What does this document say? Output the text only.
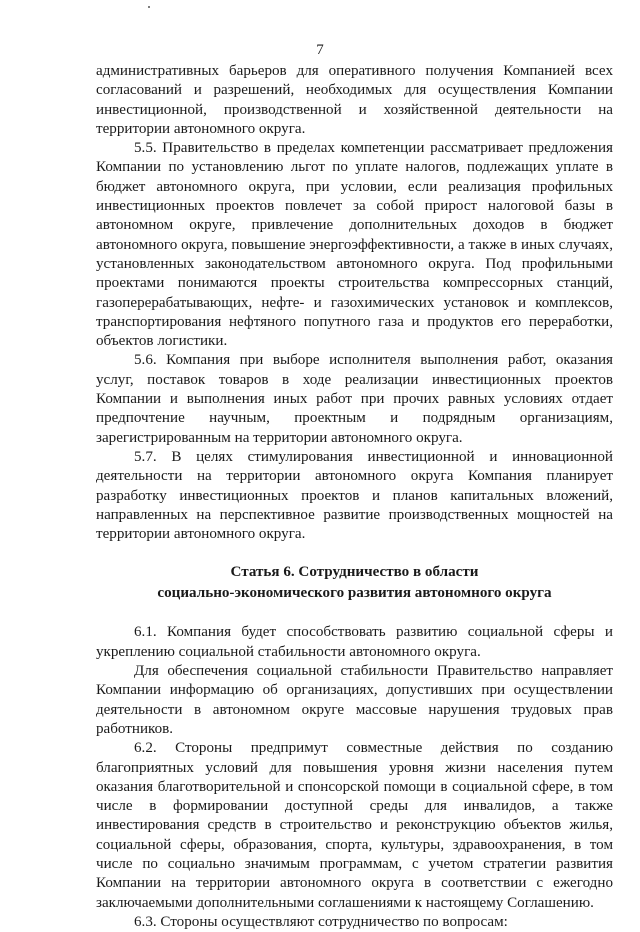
7

административных барьеров для оперативного получения Компанией всех согласований и разрешений, необходимых для осуществления Компании инвестиционной, производственной и хозяйственной деятельности на территории автономного округа.

5.5. Правительство в пределах компетенции рассматривает предложения Компании по установлению льгот по уплате налогов, подлежащих уплате в бюджет автономного округа, при условии, если реализация профильных инвестиционных проектов повлечет за собой прирост налоговой базы в автономном округе, привлечение дополнительных доходов в бюджет автономного округа, повышение энергоэффективности, а также в иных случаях, установленных законодательством автономного округа. Под профильными проектами понимаются проекты строительства компрессорных станций, газоперерабатывающих, нефте- и газохимических установок и комплексов, транспортирования нефтяного попутного газа и продуктов его переработки, объектов логистики.

5.6. Компания при выборе исполнителя выполнения работ, оказания услуг, поставок товаров в ходе реализации инвестиционных проектов Компании и выполнения иных работ при прочих равных условиях отдает предпочтение научным, проектным и подрядным организациям, зарегистрированным на территории автономного округа.

5.7. В целях стимулирования инвестиционной и инновационной деятельности на территории автономного округа Компания планирует разработку инвестиционных проектов и планов капитальных вложений, направленных на перспективное развитие производственных мощностей на территории автономного округа.

Статья 6. Сотрудничество в области
социально-экономического развития автономного округа

6.1. Компания будет способствовать развитию социальной сферы и укреплению социальной стабильности автономного округа.

Для обеспечения социальной стабильности Правительство направляет Компании информацию об организациях, допустивших при осуществлении деятельности в автономном округе массовые нарушения трудовых прав работников.

6.2. Стороны предпримут совместные действия по созданию благоприятных условий для повышения уровня жизни населения путем оказания благотворительной и спонсорской помощи в социальной сфере, в том числе в формировании доступной среды для инвалидов, а также инвестирования средств в строительство и реконструкцию объектов жилья, социальной сферы, образования, спорта, культуры, здравоохранения, в том числе по социально значимым программам, с учетом стратегии развития Компании на территории автономного округа в соответствии с ежегодно заключаемыми дополнительными соглашениями к настоящему Соглашению.

6.3. Стороны осуществляют сотрудничество по вопросам:
